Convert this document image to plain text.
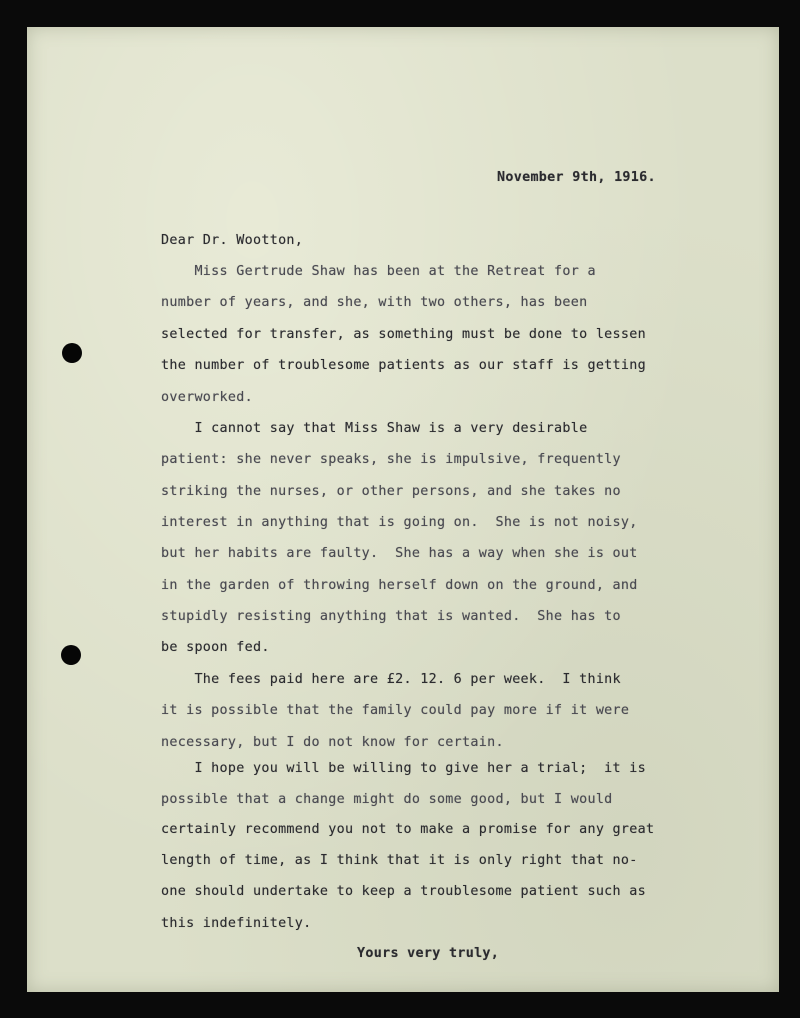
November 9th, 1916.
Dear Dr. Wootton,
Miss Gertrude Shaw has been at the Retreat for a
number of years, and she, with two others, has been
selected for transfer, as something must be done to lessen
the number of troublesome patients as our staff is getting
overworked.
I cannot say that Miss Shaw is a very desirable
patient: she never speaks, she is impulsive, frequently
striking the nurses, or other persons, and she takes no
interest in anything that is going on.  She is not noisy,
but her habits are faulty.  She has a way when she is out
in the garden of throwing herself down on the ground, and
stupidly resisting anything that is wanted.  She has to
be spoon fed.
The fees paid here are £2. 12. 6 per week.  I think
it is possible that the family could pay more if it were
necessary, but I do not know for certain.
I hope you will be willing to give her a trial;  it is
possible that a change might do some good, but I would
certainly recommend you not to make a promise for any great
length of time, as I think that it is only right that no-
one should undertake to keep a troublesome patient such as
this indefinitely.
Yours very truly,
